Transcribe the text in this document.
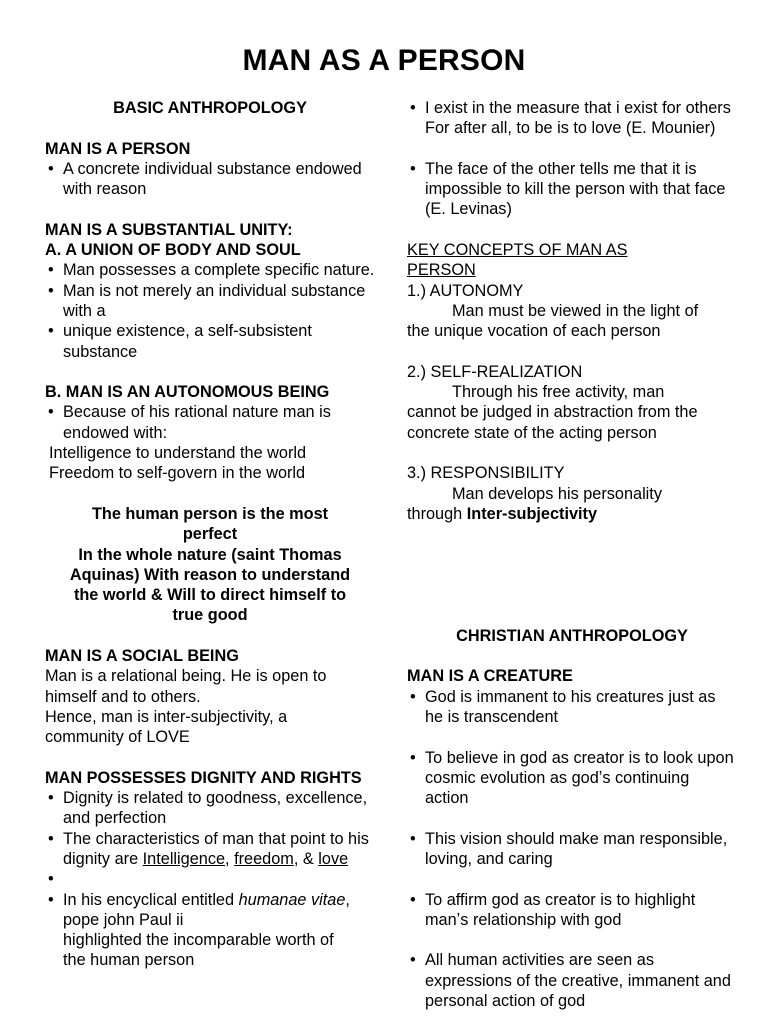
MAN AS A PERSON
BASIC ANTHROPOLOGY
MAN IS A PERSON
• A concrete individual substance endowed with reason
MAN IS A SUBSTANTIAL UNITY:
A. A UNION OF BODY AND SOUL
• Man possesses a complete specific nature.
• Man is not merely an individual substance with a
• unique existence, a self-subsistent substance
B. MAN IS AN AUTONOMOUS BEING
• Because of his rational nature man is endowed with:
Intelligence to understand the world
Freedom to self-govern in the world
The human person is the most
perfect
In the whole nature (saint Thomas
Aquinas) With reason to understand
the world & Will to direct himself to
true good
MAN IS A SOCIAL BEING
Man is a relational being. He is open to
himself and to others.
Hence, man is inter-subjectivity, a
community of LOVE
MAN POSSESSES DIGNITY AND RIGHTS
• Dignity is related to goodness, excellence, and perfection
• The characteristics of man that point to his dignity are Intelligence, freedom, & love
•

• In his encyclical entitled humanae vitae, pope john Paul ii
highlighted the incomparable worth of
the human person
• I exist in the measure that i exist for others For after all, to be is to love (E. Mounier)
• The face of the other tells me that it is impossible to kill the person with that face (E. Levinas)
KEY CONCEPTS OF MAN AS
PERSON
1.) AUTONOMY
Man must be viewed in the light of
the unique vocation of each person
2.) SELF-REALIZATION
Through his free activity, man
cannot be judged in abstraction from the concrete state of the acting person
3.) RESPONSIBILITY
Man develops his personality
through Inter-subjectivity
CHRISTIAN ANTHROPOLOGY
MAN IS A CREATURE
• God is immanent to his creatures just as he is transcendent
• To believe in god as creator is to look upon cosmic evolution as godʼs continuing action
• This vision should make man responsible, loving, and caring
• To affirm god as creator is to highlight manʼs relationship with god
• All human activities are seen as expressions of the creative, immanent and personal action of god
